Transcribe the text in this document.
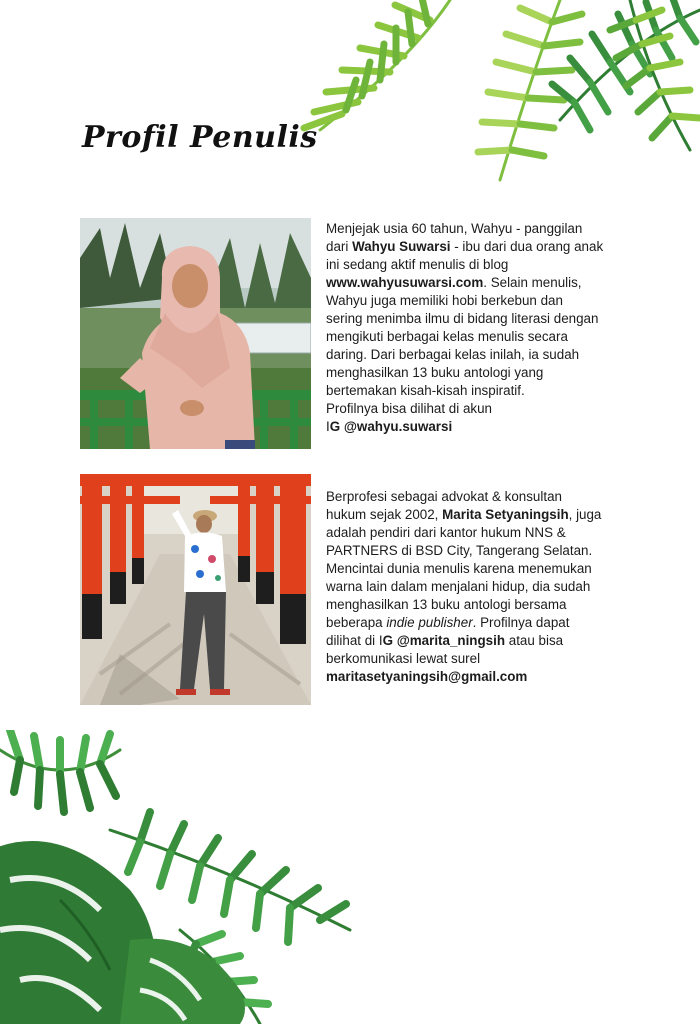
Profil Penulis
Menjejak usia 60 tahun, Wahyu - panggilan
dari Wahyu Suwarsi - ibu dari dua orang anak
ini sedang aktif menulis di blog
www.wahyusuwarsi.com. Selain menulis,
Wahyu juga memiliki hobi berkebun dan
sering menimba ilmu di bidang literasi dengan
mengikuti berbagai kelas menulis secara
daring. Dari berbagai kelas inilah, ia sudah
menghasilkan 13 buku antologi yang
bertemakan kisah-kisah inspiratif.
Profilnya bisa dilihat di akun
IG @wahyu.suwarsi
Berprofesi sebagai advokat & konsultan
hukum sejak 2002, Marita Setyaningsih, juga
adalah pendiri dari kantor hukum NNS &
PARTNERS di BSD City, Tangerang Selatan.
Mencintai dunia menulis karena menemukan
warna lain dalam menjalani hidup, dia sudah
menghasilkan 13 buku antologi bersama
beberapa indie publisher. Profilnya dapat
dilihat di IG @marita_ningsih atau bisa
berkomunikasi lewat surel
maritasetyaningsih@gmail.com
